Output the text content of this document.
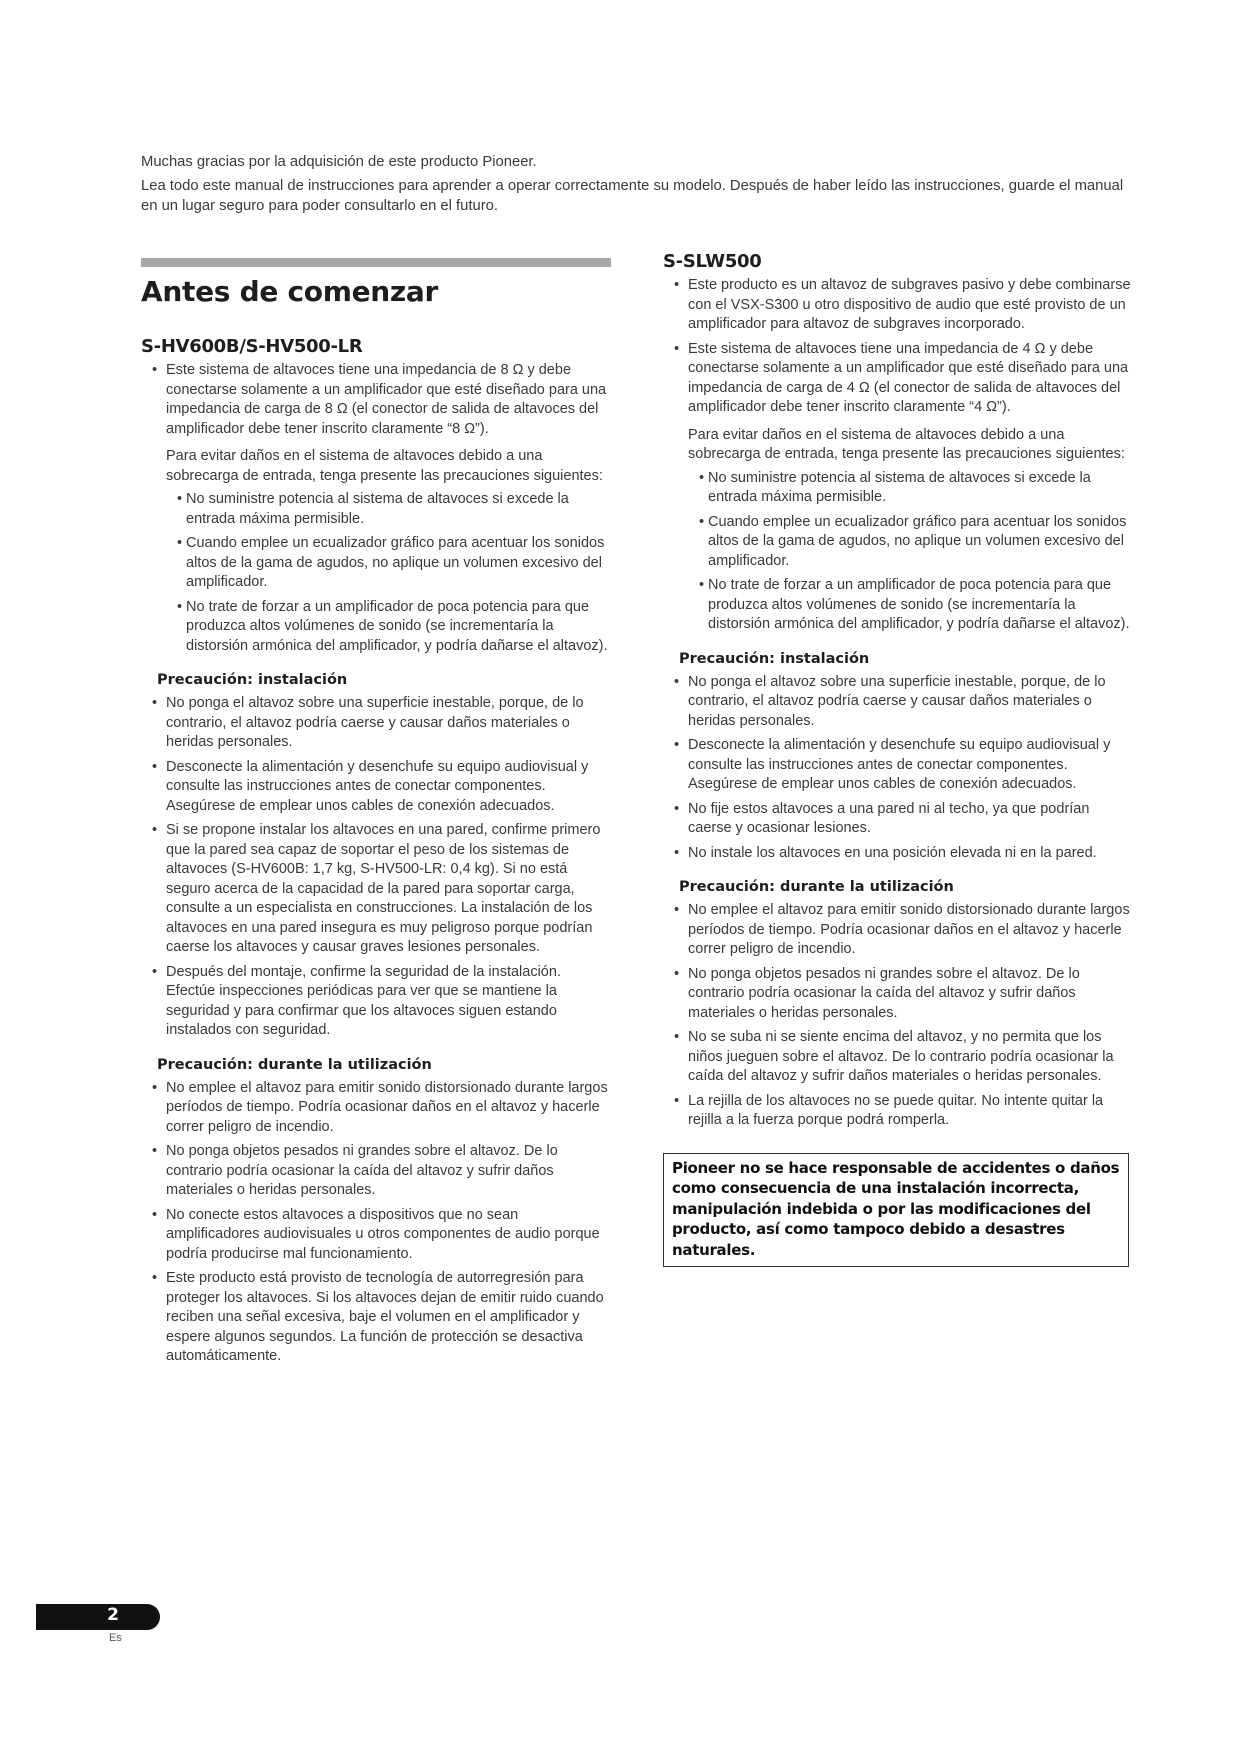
Muchas gracias por la adquisición de este producto Pioneer.

Lea todo este manual de instrucciones para aprender a operar correctamente su modelo. Después de haber leído las instrucciones, guarde el manual en un lugar seguro para poder consultarlo en el futuro.

Antes de comenzar
S-HV600B/S-HV500-LR
• Este sistema de altavoces tiene una impedancia de 8 Ω y debe conectarse solamente a un amplificador que esté diseñado para una impedancia de carga de 8 Ω (el conector de salida de altavoces del amplificador debe tener inscrito claramente “8 Ω”).
Para evitar daños en el sistema de altavoces debido a una sobrecarga de entrada, tenga presente las precauciones siguientes:
• No suministre potencia al sistema de altavoces si excede la entrada máxima permisible.
• Cuando emplee un ecualizador gráfico para acentuar los sonidos altos de la gama de agudos, no aplique un volumen excesivo del amplificador.
• No trate de forzar a un amplificador de poca potencia para que produzca altos volúmenes de sonido (se incrementaría la distorsión armónica del amplificador, y podría dañarse el altavoz).
Precaución: instalación
• No ponga el altavoz sobre una superficie inestable, porque, de lo contrario, el altavoz podría caerse y causar daños materiales o heridas personales.
• Desconecte la alimentación y desenchufe su equipo audiovisual y consulte las instrucciones antes de conectar componentes. Asegúrese de emplear unos cables de conexión adecuados.
• Si se propone instalar los altavoces en una pared, confirme primero que la pared sea capaz de soportar el peso de los sistemas de altavoces (S-HV600B: 1,7 kg, S-HV500-LR: 0,4 kg). Si no está seguro acerca de la capacidad de la pared para soportar carga, consulte a un especialista en construcciones. La instalación de los altavoces en una pared insegura es muy peligroso porque podrían caerse los altavoces y causar graves lesiones personales.
• Después del montaje, confirme la seguridad de la instalación. Efectúe inspecciones periódicas para ver que se mantiene la seguridad y para confirmar que los altavoces siguen estando instalados con seguridad.
Precaución: durante la utilización
• No emplee el altavoz para emitir sonido distorsionado durante largos períodos de tiempo. Podría ocasionar daños en el altavoz y hacerle correr peligro de incendio.
• No ponga objetos pesados ni grandes sobre el altavoz. De lo contrario podría ocasionar la caída del altavoz y sufrir daños materiales o heridas personales.
• No conecte estos altavoces a dispositivos que no sean amplificadores audiovisuales u otros componentes de audio porque podría producirse mal funcionamiento.
• Este producto está provisto de tecnología de autorregresión para proteger los altavoces. Si los altavoces dejan de emitir ruido cuando reciben una señal excesiva, baje el volumen en el amplificador y espere algunos segundos. La función de protección se desactiva automáticamente.
S-SLW500
• Este producto es un altavoz de subgraves pasivo y debe combinarse con el VSX-S300 u otro dispositivo de audio que esté provisto de un amplificador para altavoz de subgraves incorporado.
• Este sistema de altavoces tiene una impedancia de 4 Ω y debe conectarse solamente a un amplificador que esté diseñado para una impedancia de carga de 4 Ω (el conector de salida de altavoces del amplificador debe tener inscrito claramente “4 Ω”).
Para evitar daños en el sistema de altavoces debido a una sobrecarga de entrada, tenga presente las precauciones siguientes:
• No suministre potencia al sistema de altavoces si excede la entrada máxima permisible.
• Cuando emplee un ecualizador gráfico para acentuar los sonidos altos de la gama de agudos, no aplique un volumen excesivo del amplificador.
• No trate de forzar a un amplificador de poca potencia para que produzca altos volúmenes de sonido (se incrementaría la distorsión armónica del amplificador, y podría dañarse el altavoz).
Precaución: instalación
• No ponga el altavoz sobre una superficie inestable, porque, de lo contrario, el altavoz podría caerse y causar daños materiales o heridas personales.
• Desconecte la alimentación y desenchufe su equipo audiovisual y consulte las instrucciones antes de conectar componentes. Asegúrese de emplear unos cables de conexión adecuados.
• No fije estos altavoces a una pared ni al techo, ya que podrían caerse y ocasionar lesiones.
• No instale los altavoces en una posición elevada ni en la pared.
Precaución: durante la utilización
• No emplee el altavoz para emitir sonido distorsionado durante largos períodos de tiempo. Podría ocasionar daños en el altavoz y hacerle correr peligro de incendio.
• No ponga objetos pesados ni grandes sobre el altavoz. De lo contrario podría ocasionar la caída del altavoz y sufrir daños materiales o heridas personales.
• No se suba ni se siente encima del altavoz, y no permita que los niños jueguen sobre el altavoz. De lo contrario podría ocasionar la caída del altavoz y sufrir daños materiales o heridas personales.
• La rejilla de los altavoces no se puede quitar. No intente quitar la rejilla a la fuerza porque podrá romperla.
Pioneer no se hace responsable de accidentes o daños como consecuencia de una instalación incorrecta, manipulación indebida o por las modificaciones del producto, así como tampoco debido a desastres naturales.
2
Es
